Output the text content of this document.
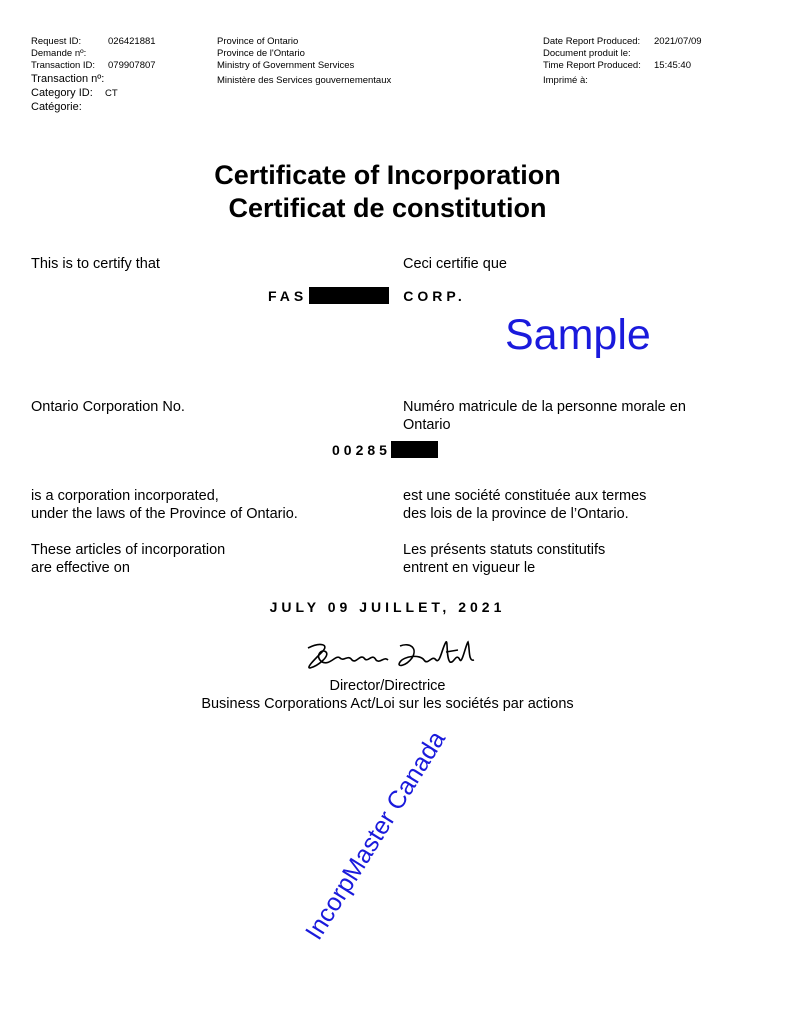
Request ID:	026421881
Demande nº:
Transaction ID: 079907807
Transaction nº:
Category ID: CT
Catégorie:
Province of Ontario
Province de l'Ontario
Ministry of Government Services
Ministère des Services gouvernementaux
Date Report Produced: 2021/07/09
Document produit le:
Time Report Produced: 15:45:40
Imprimé à:
Certificate of Incorporation
Certificat de constitution
This is to certify that	Ceci certifie que
FAS	CORP.
Sample
Ontario Corporation No.	Numéro matricule de la personne morale en
Ontario
00285
is a corporation incorporated,
under the laws of the Province of Ontario.
est une société constituée aux termes
des lois de la province de l’Ontario.
These articles of incorporation
are effective on
Les présents statuts constitutifs
entrent en vigueur le
JULY 09 JUILLET, 2021
IncorpMaster Canada
Director/Directrice
Business Corporations Act/Loi sur les sociétés par actions
